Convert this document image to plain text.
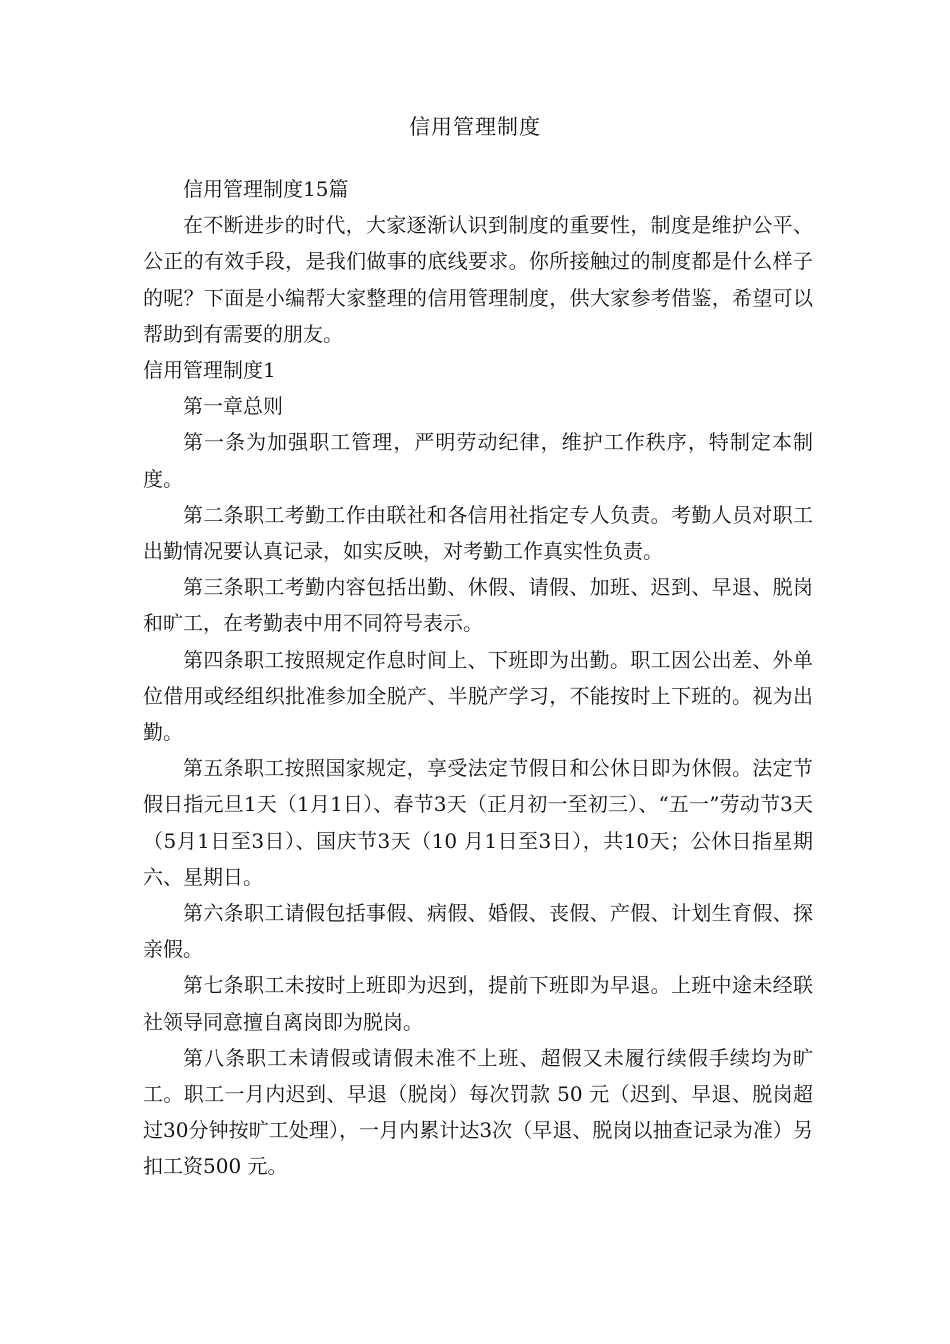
信用管理制度

信用管理制度15篇

在不断进步的时代，大家逐渐认识到制度的重要性，制度是维护公平、公正的有效手段，是我们做事的底线要求。你所接触过的制度都是什么样子的呢？下面是小编帮大家整理的信用管理制度，供大家参考借鉴，希望可以帮助到有需要的朋友。

信用管理制度1

第一章总则

第一条为加强职工管理，严明劳动纪律，维护工作秩序，特制定本制度。

第二条职工考勤工作由联社和各信用社指定专人负责。考勤人员对职工出勤情况要认真记录，如实反映，对考勤工作真实性负责。

第三条职工考勤内容包括出勤、休假、请假、加班、迟到、早退、脱岗和旷工，在考勤表中用不同符号表示。

第四条职工按照规定作息时间上、下班即为出勤。职工因公出差、外单位借用或经组织批准参加全脱产、半脱产学习，不能按时上下班的。视为出勤。

第五条职工按照国家规定，享受法定节假日和公休日即为休假。法定节假日指元旦1天（1月1日）、春节3天（正月初一至初三）、“五一”劳动节3天（5月1日至3日）、国庆节3天（10 月1日至3日），共10天；公休日指星期六、星期日。

第六条职工请假包括事假、病假、婚假、丧假、产假、计划生育假、探亲假。

第七条职工未按时上班即为迟到，提前下班即为早退。上班中途未经联社领导同意擅自离岗即为脱岗。

第八条职工未请假或请假未准不上班、超假又未履行续假手续均为旷工。职工一月内迟到、早退（脱岗）每次罚款 50 元（迟到、早退、脱岗超过30分钟按旷工处理），一月内累计达3次（早退、脱岗以抽查记录为准）另扣工资500 元。
